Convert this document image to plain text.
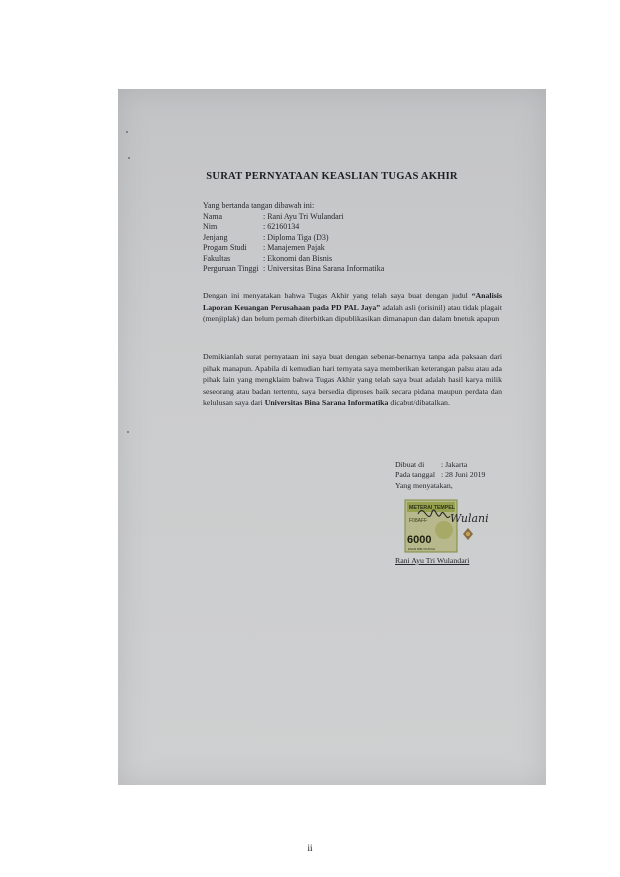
SURAT PERNYATAAN KEASLIAN TUGAS AKHIR
Yang bertanda tangan dibawah ini:
Nama	: Rani Ayu Tri Wulandari
Nim	: 62160134
Jenjang	: Diploma Tiga (D3)
Progam Studi	: Manajemen Pajak
Fakultas	: Ekonomi dan Bisnis
Perguruan Tinggi : Universitas Bina Sarana Informatika

Dengan ini menyatakan bahwa Tugas Akhir yang telah saya buat dengan judul “Analisis Laporan Keuangan Perusahaan pada PD PAL Jaya” adalah asli (orisinil) atau tidak plagait (menjiplak) dan belum pernah diterbitkan dipublikasikan dimanapun dan dalam bnetuk apapun

Demikianlah surat pernyataan ini saya buat dengan sebenar-benarnya tanpa ada paksaan dari pihak manapun. Apabila di kemudian hari ternyata saya memberikan keterangan palsu atau ada pihak lain yang mengklaim bahwa Tugas Akhir yang telah saya buat adalah hasil karya milik seseorang atau badan tertentu, saya bersedia diproses baik secara pidana maupun perdata dan kelulusan saya dari Universitas Bina Sarana Informatika dicabut/dibatalkan.

Dibuat di	: Jakarta
Pada tanggal : 28 Juni 2019
Yang menyatakan,
METERAI TEMPEL
F08AFF
6000
ENAM RIBU RUPIAH
Wulani
Rani Ayu Tri Wulandari
ii
